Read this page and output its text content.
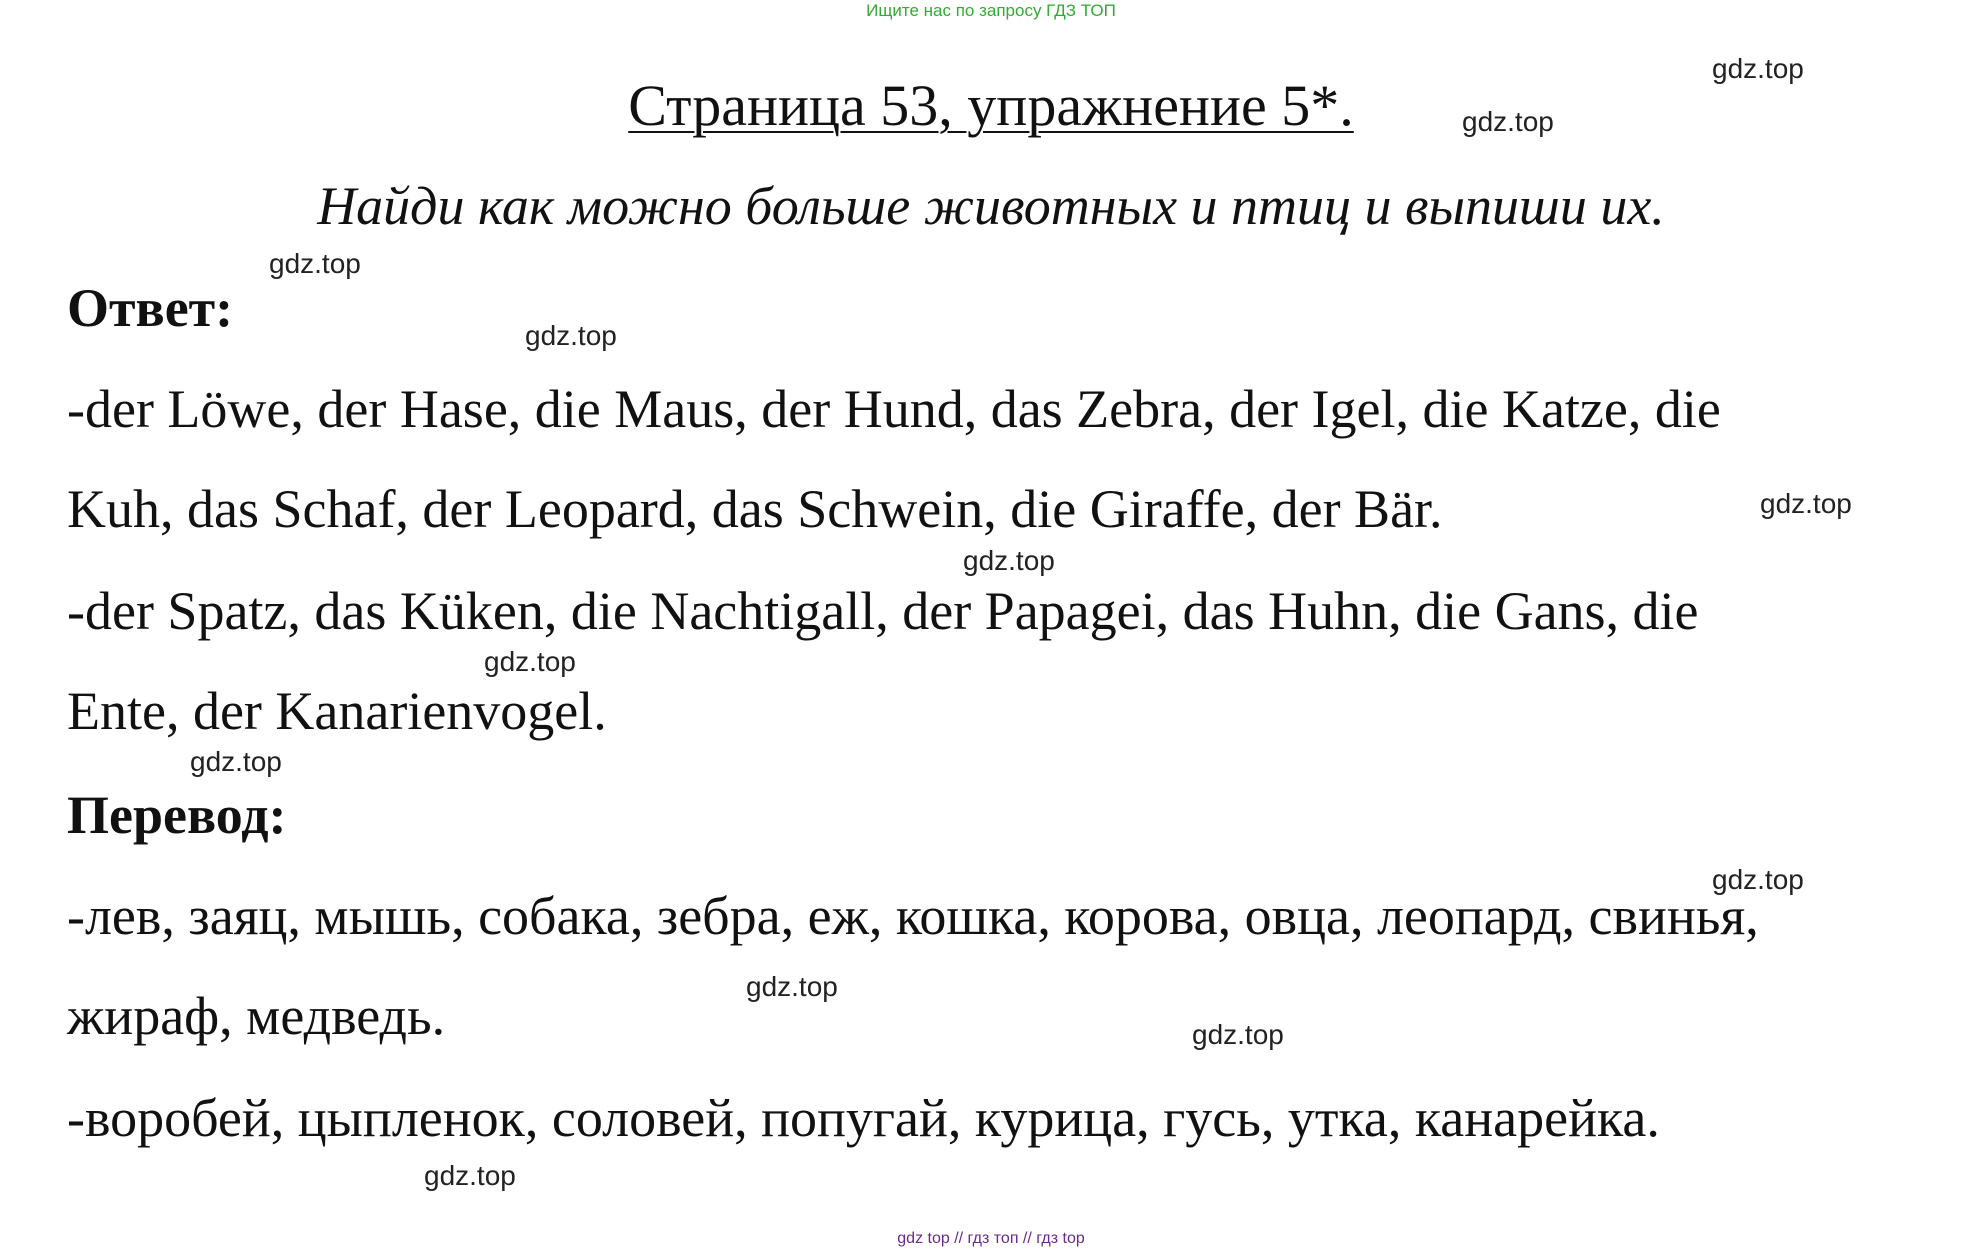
Ищите нас по запросу ГДЗ ТОП
Страница 53, упражнение 5*.
Найди как можно больше животных и птиц и выпиши их.
Ответ:
-der Löwe, der Hase, die Maus, der Hund, das Zebra, der Igel, die Katze, die
Kuh, das Schaf, der Leopard, das Schwein, die Giraffe, der Bär.
-der Spatz, das Küken, die Nachtigall, der Papagei, das Huhn, die Gans, die
Ente, der Kanarienvogel.
Перевод:
-лев, заяц, мышь, собака, зебра, еж, кошка, корова, овца, леопард, свинья,
жираф, медведь.
-воробей, цыпленок, соловей, попугай, курица, гусь, утка, канарейка.
gdz.top
gdz.top
gdz.top
gdz.top
gdz.top
gdz.top
gdz.top
gdz.top
gdz.top
gdz.top
gdz.top
gdz.top
gdz top // гдз топ // гдз top
